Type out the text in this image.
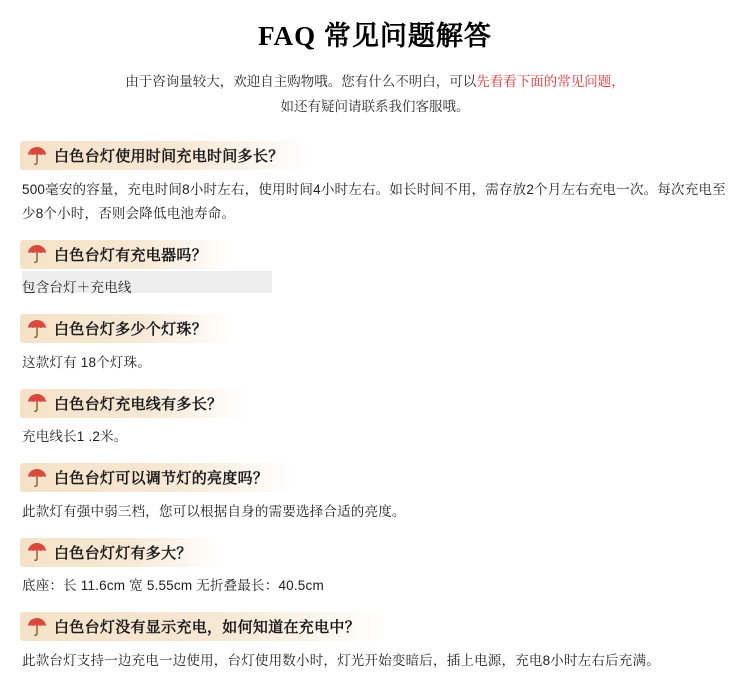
FAQ 常见问题解答
由于咨询量较大，欢迎自主购物哦。您有什么不明白，可以先看看下面的常见问题，
如还有疑问请联系我们客服哦。
白色台灯使用时间充电时间多长？
500毫安的容量，充电时间8小时左右，使用时间4小时左右。如长时间不用，需存放2个月左右充电一次。每次充电至少8个小时，否则会降低电池寿命。
白色台灯有充电器吗？
包含台灯＋充电线
白色台灯多少个灯珠？
这款灯有 18个灯珠。
白色台灯充电线有多长？
充电线长1 .2米。
白色台灯可以调节灯的亮度吗？
此款灯有强中弱三档，您可以根据自身的需要选择合适的亮度。
白色台灯灯有多大？
底座：长 11.6cm 宽 5.55cm 无折叠最长：40.5cm
白色台灯没有显示充电，如何知道在充电中？
此款台灯支持一边充电一边使用，台灯使用数小时，灯光开始变暗后，插上电源，充电8小时左右后充满。
